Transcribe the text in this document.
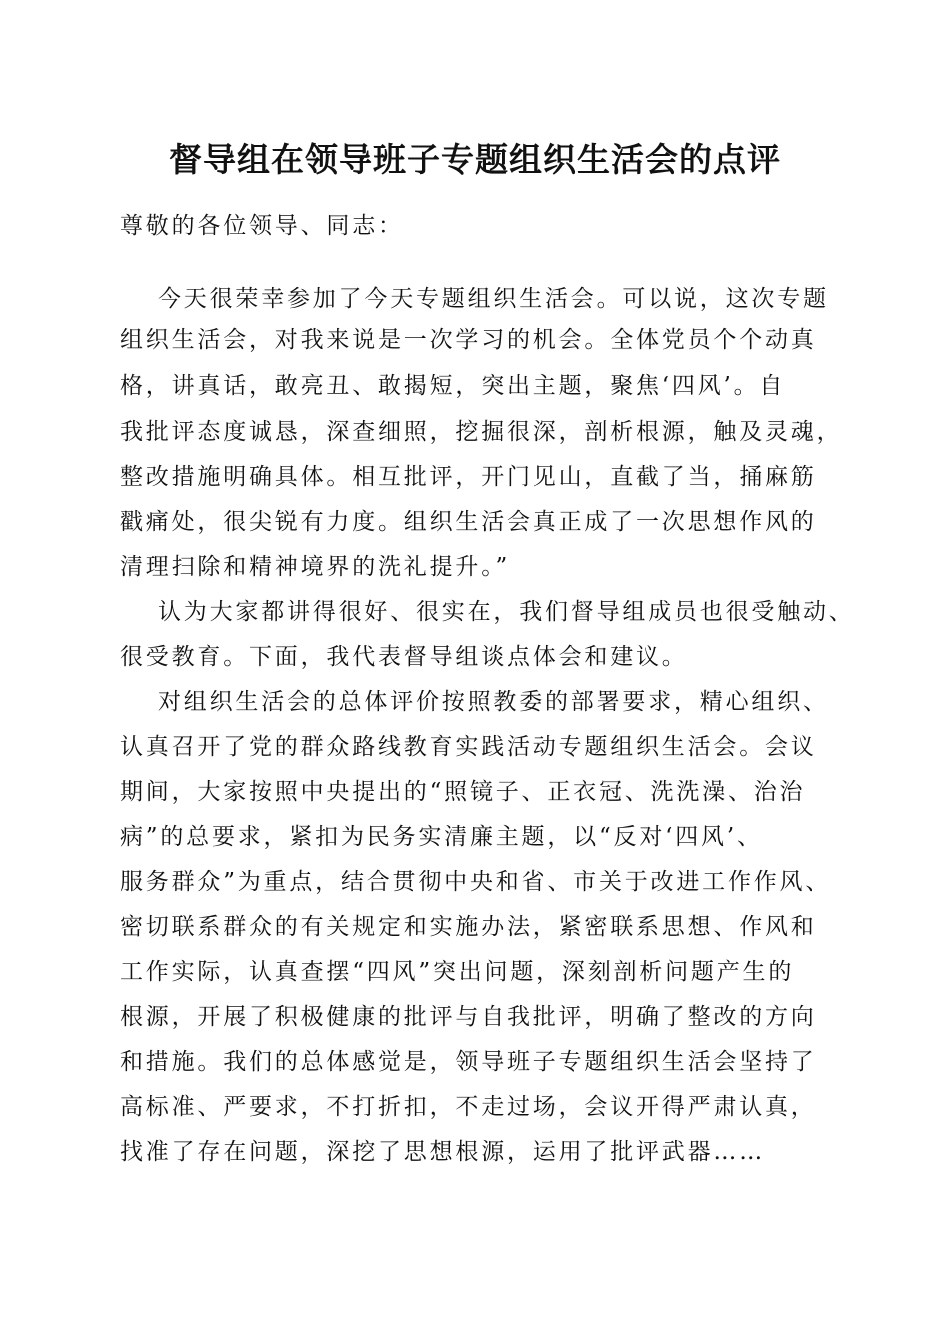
督导组在领导班子专题组织生活会的点评
尊敬的各位领导、同志：
今天很荣幸参加了今天专题组织生活会。可以说，这次专题
组织生活会，对我来说是一次学习的机会。全体党员个个动真
格，讲真话，敢亮丑、敢揭短，突出主题，聚焦‘四风’。自
我批评态度诚恳，深查细照，挖掘很深，剖析根源，触及灵魂，
整改措施明确具体。相互批评，开门见山，直截了当，捅麻筋
戳痛处，很尖锐有力度。组织生活会真正成了一次思想作风的
清理扫除和精神境界的洗礼提升。”
认为大家都讲得很好、很实在，我们督导组成员也很受触动、
很受教育。下面，我代表督导组谈点体会和建议。
对组织生活会的总体评价按照教委的部署要求，精心组织、
认真召开了党的群众路线教育实践活动专题组织生活会。会议
期间，大家按照中央提出的“照镜子、正衣冠、洗洗澡、治治
病”的总要求，紧扣为民务实清廉主题，以“反对‘四风’、
服务群众”为重点，结合贯彻中央和省、市关于改进工作作风、
密切联系群众的有关规定和实施办法，紧密联系思想、作风和
工作实际，认真查摆“四风”突出问题，深刻剖析问题产生的
根源，开展了积极健康的批评与自我批评，明确了整改的方向
和措施。我们的总体感觉是，领导班子专题组织生活会坚持了
高标准、严要求，不打折扣，不走过场，会议开得严肃认真，
找准了存在问题，深挖了思想根源，运用了批评武器……
